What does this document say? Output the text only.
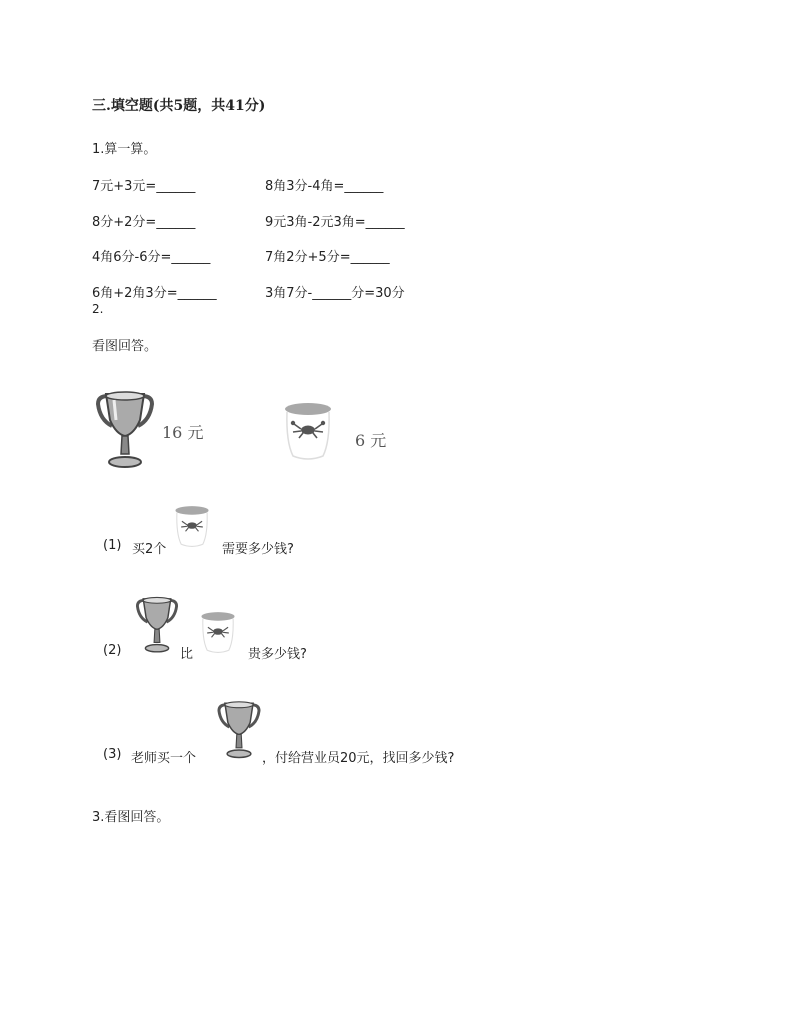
三.填空题(共5题，共41分)
1.算一算。
7元+3元=______	8角3分-4角=______
8分+2分=______	9元3角-2元3角=______
4角6分-6分=______	7角2分+5分=______
6角+2角3分=______	3角7分-______分=30分
2.
看图回答。
16 元	6 元
(1) 买2个	需要多少钱?
(2)	比	贵多少钱?
(3) 老师买一个	，付给营业员20元，找回多少钱?
3.看图回答。
